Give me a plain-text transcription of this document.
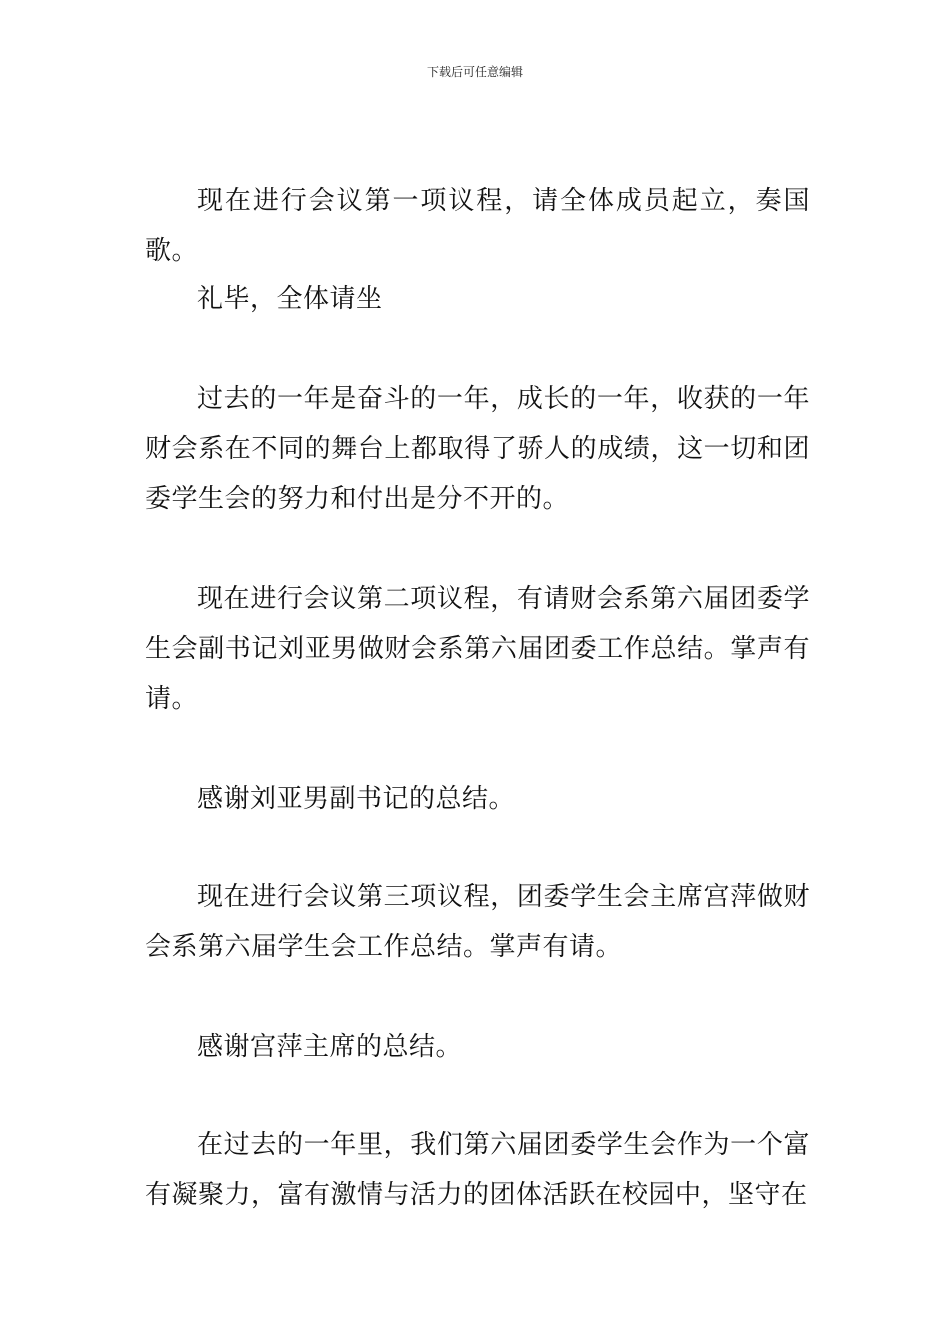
下载后可任意编辑

现在进行会议第一项议程，请全体成员起立，奏国歌。

礼毕，全体请坐

过去的一年是奋斗的一年，成长的一年，收获的一年财会系在不同的舞台上都取得了骄人的成绩，这一切和团委学生会的努力和付出是分不开的。

现在进行会议第二项议程，有请财会系第六届团委学生会副书记刘亚男做财会系第六届团委工作总结。掌声有请。

感谢刘亚男副书记的总结。

现在进行会议第三项议程，团委学生会主席宫萍做财会系第六届学生会工作总结。掌声有请。

感谢宫萍主席的总结。

在过去的一年里，我们第六届团委学生会作为一个富有凝聚力，富有激情与活力的团体活跃在校园中，坚守在
